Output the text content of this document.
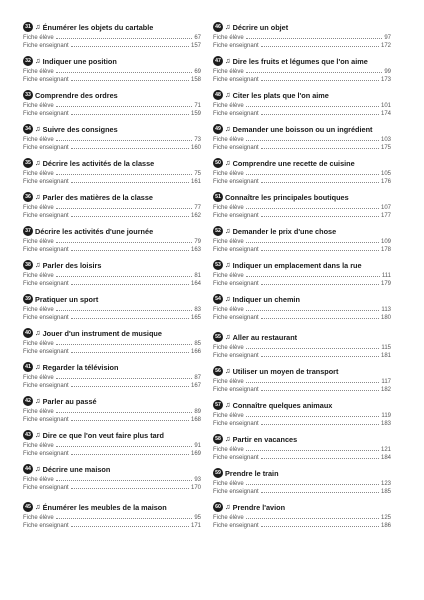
31 ♫ Énumérer les objets du cartable
Fiche élève	67
Fiche enseignant	157
32 ♫ Indiquer une position
Fiche élève	69
Fiche enseignant	158
33 Comprendre des ordres
Fiche élève	71
Fiche enseignant	159
34 ♫ Suivre des consignes
Fiche élève	73
Fiche enseignant	160
35 ♫ Décrire les activités de la classe
Fiche élève	75
Fiche enseignant	161
36 ♫ Parler des matières de la classe
Fiche élève	77
Fiche enseignant	162
37 Décrire les activités d'une journée
Fiche élève	79
Fiche enseignant	163
38 ♫ Parler des loisirs
Fiche élève	81
Fiche enseignant	164
39 Pratiquer un sport
Fiche élève	83
Fiche enseignant	165
40 ♫ Jouer d'un instrument de musique
Fiche élève	85
Fiche enseignant	166
41 ♫ Regarder la télévision
Fiche élève	87
Fiche enseignant	167
42 ♫ Parler au passé
Fiche élève	89
Fiche enseignant	168
43 ♫ Dire ce que l'on veut faire plus tard
Fiche élève	91
Fiche enseignant	169
44 ♫ Décrire une maison
Fiche élève	93
Fiche enseignant	170
45 ♫ Énumérer les meubles de la maison
Fiche élève	95
Fiche enseignant	171
46 ♫ Décrire un objet
Fiche élève	97
Fiche enseignant	172
47 ♫ Dire les fruits et légumes que l'on aime
Fiche élève	99
Fiche enseignant	173
48 ♫ Citer les plats que l'on aime
Fiche élève	101
Fiche enseignant	174
49 ♫ Demander une boisson ou un ingrédient
Fiche élève	103
Fiche enseignant	175
50 ♫ Comprendre une recette de cuisine
Fiche élève	105
Fiche enseignant	176
51 Connaître les principales boutiques
Fiche élève	107
Fiche enseignant	177
52 ♫ Demander le prix d'une chose
Fiche élève	109
Fiche enseignant	178
53 ♫ Indiquer un emplacement dans la rue
Fiche élève	111
Fiche enseignant	179
54 ♫ Indiquer un chemin
Fiche élève	113
Fiche enseignant	180
55 ♫ Aller au restaurant
Fiche élève	115
Fiche enseignant	181
56 ♫ Utiliser un moyen de transport
Fiche élève	117
Fiche enseignant	182
57 ♫ Connaître quelques animaux
Fiche élève	119
Fiche enseignant	183
58 ♫ Partir en vacances
Fiche élève	121
Fiche enseignant	184
59 Prendre le train
Fiche élève	123
Fiche enseignant	185
60 ♫ Prendre l'avion
Fiche élève	125
Fiche enseignant	186
